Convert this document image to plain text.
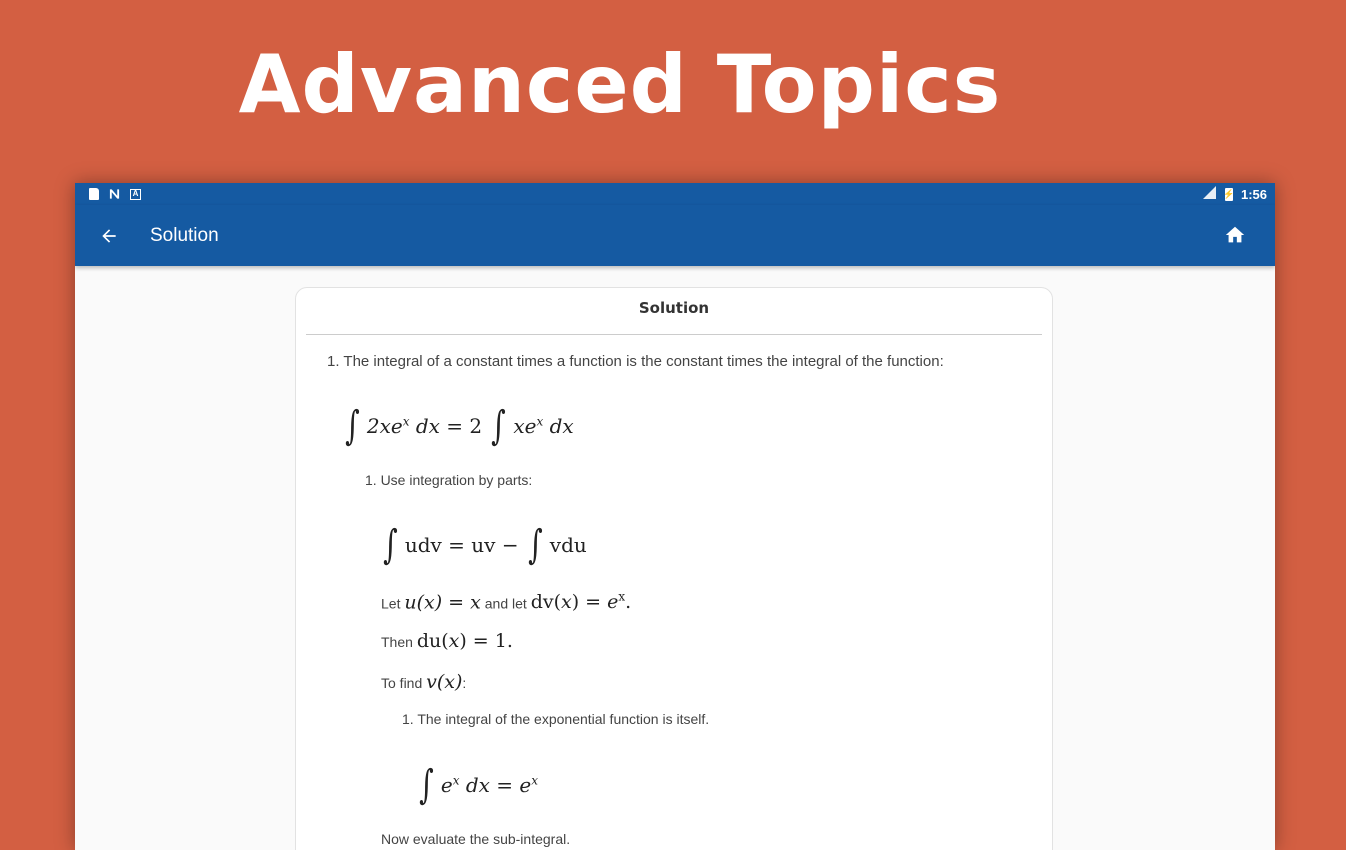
Advanced Topics
A	⚡ 1:56
Solution
Solution
1. The integral of a constant times a function is the constant times the integral of the function:
∫ $2xe^x$ dx
= 2
∫ $xe^x$ dx
1. Use integration by parts:
∫ udv = uv −
∫ vdu
Let u(x) = x and let $dv(x) = e^x$.
Then du(x) = 1.
To find v(x):
1. The integral of the exponential function is itself.
∫ $e^x$ dx
=
$e^x$
Now evaluate the sub-integral.
